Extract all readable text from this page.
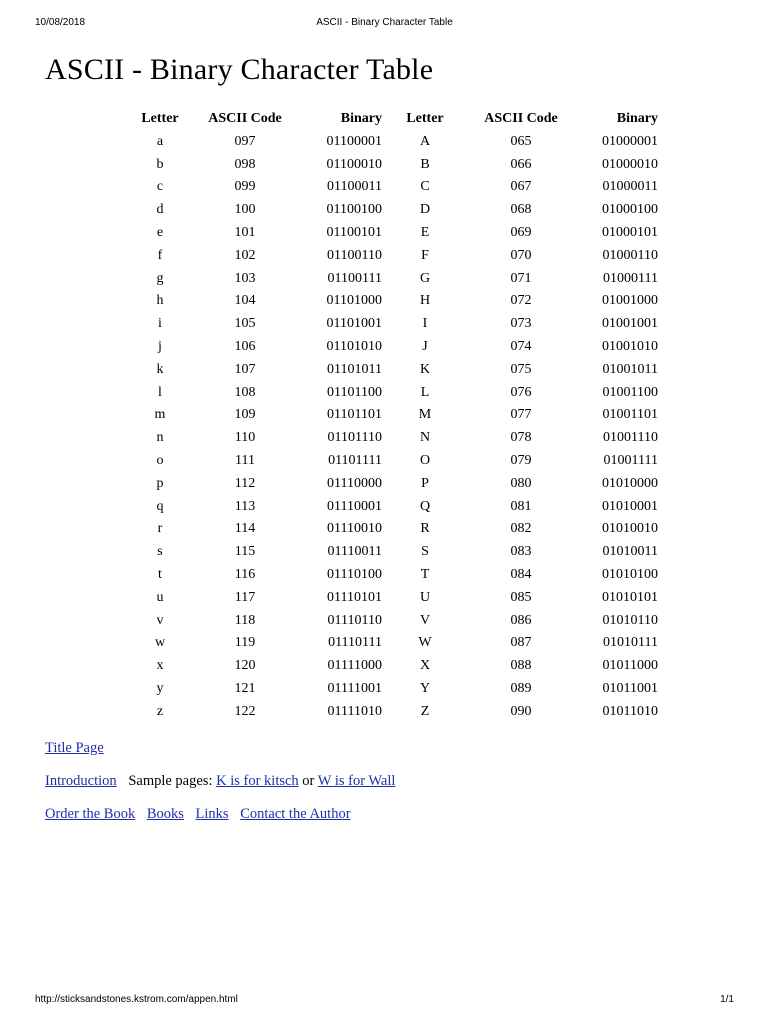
10/08/2018	ASCII - Binary Character Table
ASCII - Binary Character Table
Letter	ASCII Code	Binary	Letter	ASCII Code	Binary
a	097	01100001	A	065	01000001
b	098	01100010	B	066	01000010
c	099	01100011	C	067	01000011
d	100	01100100	D	068	01000100
e	101	01100101	E	069	01000101
f	102	01100110	F	070	01000110
g	103	01100111	G	071	01000111
h	104	01101000	H	072	01001000
i	105	01101001	I	073	01001001
j	106	01101010	J	074	01001010
k	107	01101011	K	075	01001011
l	108	01101100	L	076	01001100
m	109	01101101	M	077	01001101
n	110	01101110	N	078	01001110
o	111	01101111	O	079	01001111
p	112	01110000	P	080	01010000
q	113	01110001	Q	081	01010001
r	114	01110010	R	082	01010010
s	115	01110011	S	083	01010011
t	116	01110100	T	084	01010100
u	117	01110101	U	085	01010101
v	118	01110110	V	086	01010110
w	119	01110111	W	087	01010111
x	120	01111000	X	088	01011000
y	121	01111001	Y	089	01011001
z	122	01111010	Z	090	01011010
Title Page
Introduction Sample pages: K is for kitsch or W is for Wall
Order the Book Books Links Contact the Author
http://sticksandstones.kstrom.com/appen.html	1/1
